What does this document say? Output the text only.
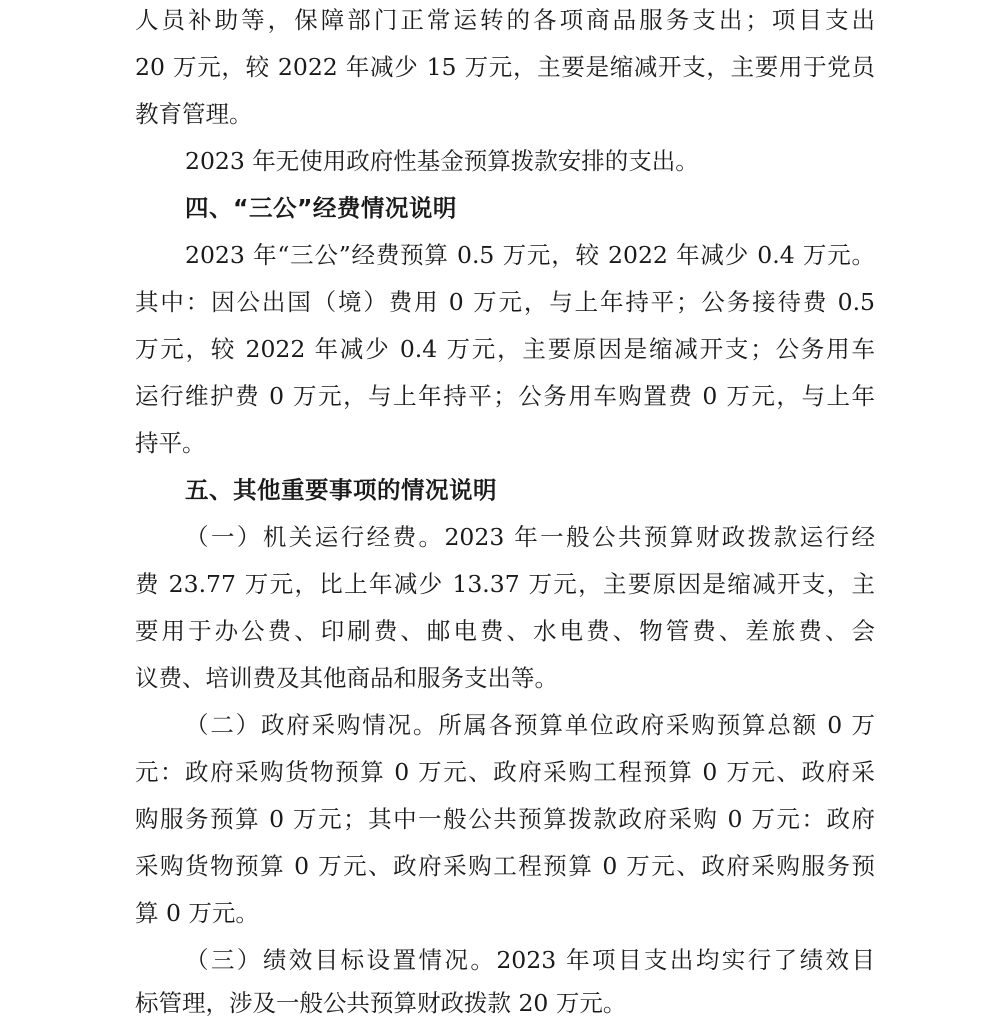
人员补助等，保障部门正常运转的各项商品服务支出；项目支出
20 万元，较 2022 年减少 15 万元，主要是缩减开支，主要用于党员
教育管理。
2023 年无使用政府性基金预算拨款安排的支出。
四、“三公”经费情况说明
2023 年“三公”经费预算 0.5 万元，较 2022 年减少 0.4 万元。
其中：因公出国（境）费用 0 万元，与上年持平；公务接待费 0.5
万元，较 2022 年减少 0.4 万元，主要原因是缩减开支；公务用车
运行维护费 0 万元，与上年持平；公务用车购置费 0 万元，与上年
持平。
五、其他重要事项的情况说明
（一）机关运行经费。2023 年一般公共预算财政拨款运行经
费 23.77 万元，比上年减少 13.37 万元，主要原因是缩减开支，主
要用于办公费、印刷费、邮电费、水电费、物管费、差旅费、会
议费、培训费及其他商品和服务支出等。
（二）政府采购情况。所属各预算单位政府采购预算总额 0 万
元：政府采购货物预算 0 万元、政府采购工程预算 0 万元、政府采
购服务预算 0 万元；其中一般公共预算拨款政府采购 0 万元：政府
采购货物预算 0 万元、政府采购工程预算 0 万元、政府采购服务预
算 0 万元。
（三）绩效目标设置情况。2023 年项目支出均实行了绩效目
标管理，涉及一般公共预算财政拨款 20 万元。
